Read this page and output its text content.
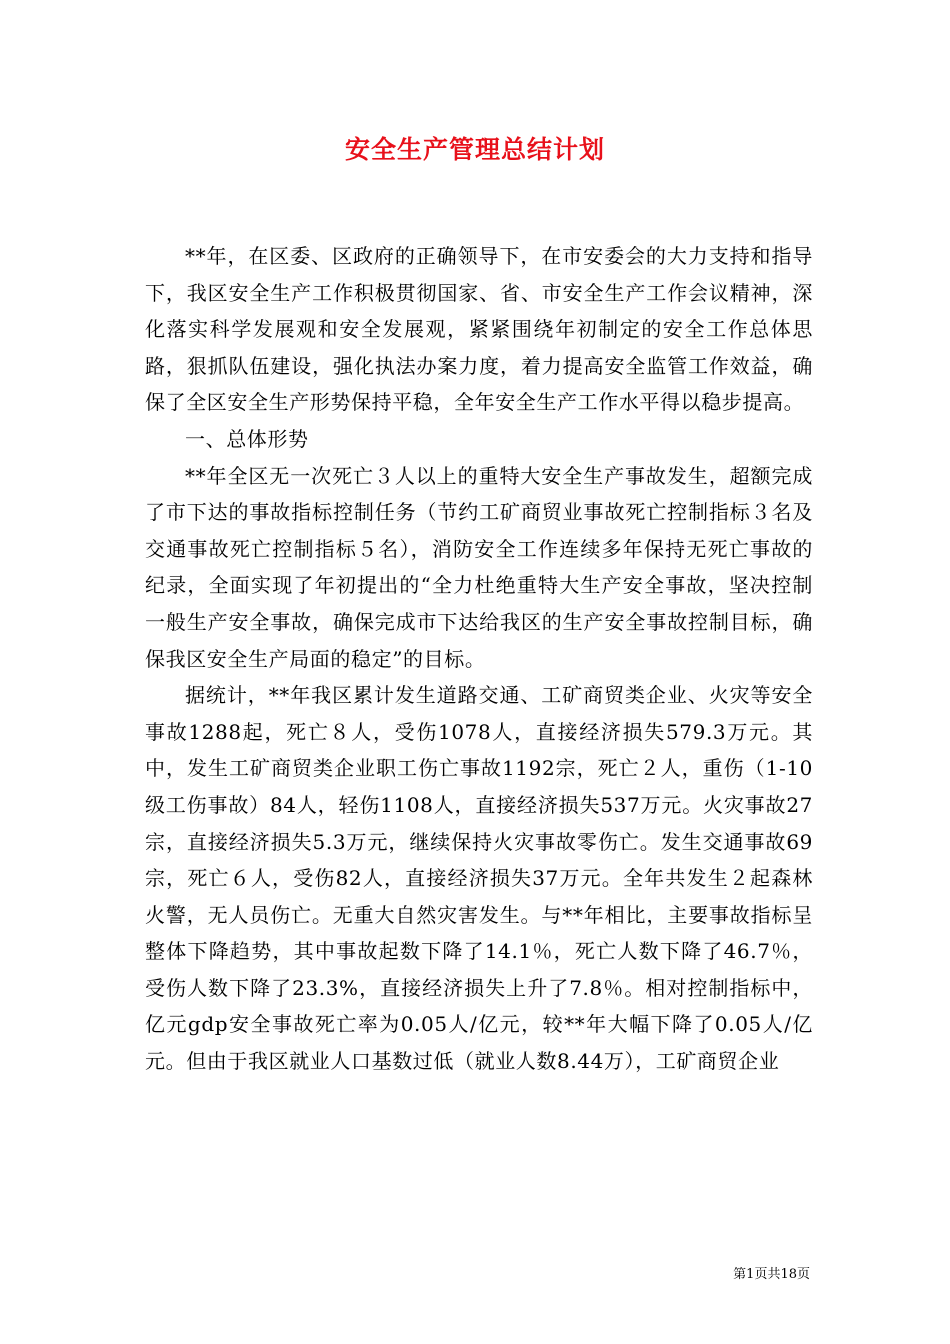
安全生产管理总结计划

**年，在区委、区政府的正确领导下，在市安委会的大力支持和指导下，我区安全生产工作积极贯彻国家、省、市安全生产工作会议精神，深化落实科学发展观和安全发展观，紧紧围绕年初制定的安全工作总体思路，狠抓队伍建设，强化执法办案力度，着力提高安全监管工作效益，确保了全区安全生产形势保持平稳，全年安全生产工作水平得以稳步提高。

一、总体形势

**年全区无一次死亡３人以上的重特大安全生产事故发生，超额完成了市下达的事故指标控制任务（节约工矿商贸业事故死亡控制指标３名及交通事故死亡控制指标５名），消防安全工作连续多年保持无死亡事故的纪录，全面实现了年初提出的“全力杜绝重特大生产安全事故，坚决控制一般生产安全事故，确保完成市下达给我区的生产安全事故控制目标，确保我区安全生产局面的稳定”的目标。

据统计，**年我区累计发生道路交通、工矿商贸类企业、火灾等安全事故1288起，死亡８人，受伤1078人，直接经济损失579.3万元。其中，发生工矿商贸类企业职工伤亡事故1192宗，死亡２人，重伤（1-10级工伤事故）84人，轻伤1108人，直接经济损失537万元。火灾事故27宗，直接经济损失5.3万元，继续保持火灾事故零伤亡。发生交通事故69宗，死亡６人，受伤82人，直接经济损失37万元。全年共发生２起森林火警，无人员伤亡。无重大自然灾害发生。与**年相比，主要事故指标呈整体下降趋势，其中事故起数下降了14.1％，死亡人数下降了46.7％，受伤人数下降了23.3%，直接经济损失上升了7.8％。相对控制指标中，亿元gdp安全事故死亡率为0.05人/亿元，较**年大幅下降了0.05人/亿元。但由于我区就业人口基数过低（就业人数8.44万），工矿商贸企业

第1页共18页
